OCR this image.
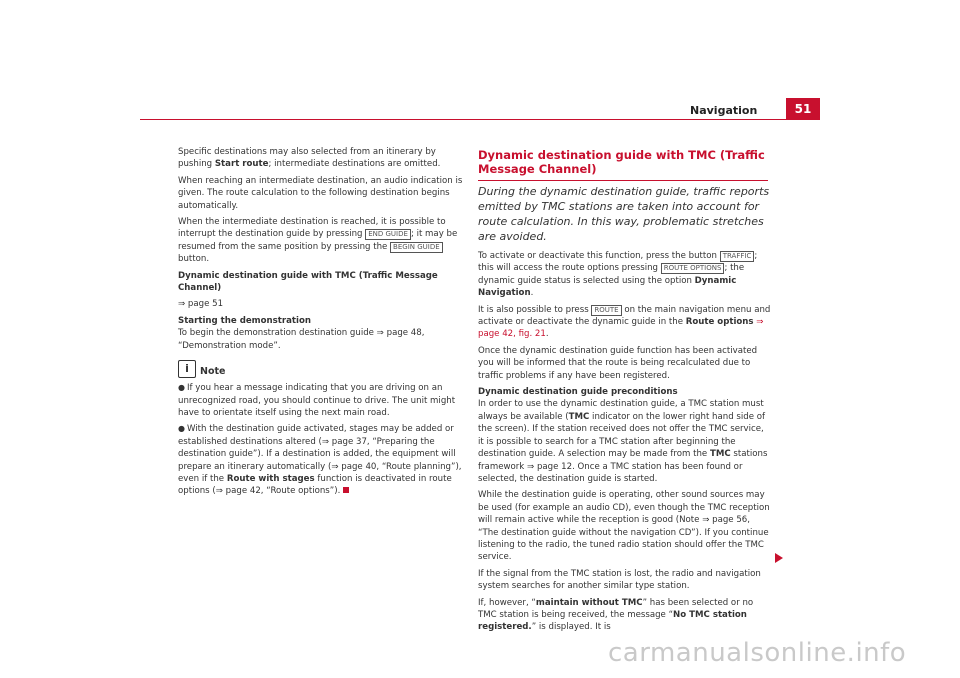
Navigation	51

Specific destinations may also selected from an itinerary by pushing Start route; intermediate destinations are omitted.

When reaching an intermediate destination, an audio indication is given. The route calculation to the following destination begins automatically.

When the intermediate destination is reached, it is possible to interrupt the destination guide by pressing END GUIDE ; it may be resumed from the same position by pressing the BEGIN GUIDE button.

Dynamic destination guide with TMC (Traffic Message Channel)

⇒ page 51

Starting the demonstration

To begin the demonstration destination guide ⇒ page 48, “Demonstration mode”.

i	Note

● If you hear a message indicating that you are driving on an unrecognized road, you should continue to drive. The unit might have to orientate itself using the next main road.

● With the destination guide activated, stages may be added or established destinations altered (⇒ page 37, “Preparing the destination guide”). If a destination is added, the equipment will prepare an itinerary automatically (⇒ page 40, “Route planning”), even if the Route with stages function is deactivated in route options (⇒ page 42, “Route options”).

Dynamic destination guide with TMC (Traffic Message Channel)
During the dynamic destination guide, traffic reports emitted by TMC stations are taken into account for route calculation. In this way, problematic stretches are avoided.

To activate or deactivate this function, press the button TRAFFIC ; this will access the route options pressing ROUTE OPTIONS ; the dynamic guide status is selected using the option Dynamic Navigation.

It is also possible to press ROUTE on the main navigation menu and activate or deactivate the dynamic guide in the Route options ⇒ page 42, fig. 21.

Once the dynamic destination guide function has been activated you will be informed that the route is being recalculated due to traffic problems if any have been registered.

Dynamic destination guide preconditions

In order to use the dynamic destination guide, a TMC station must always be available (TMC indicator on the lower right hand side of the screen). If the station received does not offer the TMC service, it is possible to search for a TMC station after beginning the destination guide. A selection may be made from the TMC stations framework ⇒ page 12. Once a TMC station has been found or selected, the destination guide is started.

While the destination guide is operating, other sound sources may be used (for example an audio CD), even though the TMC reception will remain active while the reception is good (Note ⇒ page 56, “The destination guide without the navigation CD”). If you continue listening to the radio, the tuned radio station should offer the TMC service.

If the signal from the TMC station is lost, the radio and navigation system searches for another similar type station.

If, however, “maintain without TMC” has been selected or no TMC station is being received, the message “No TMC station registered.” is displayed. It is

carmanualsonline.info
